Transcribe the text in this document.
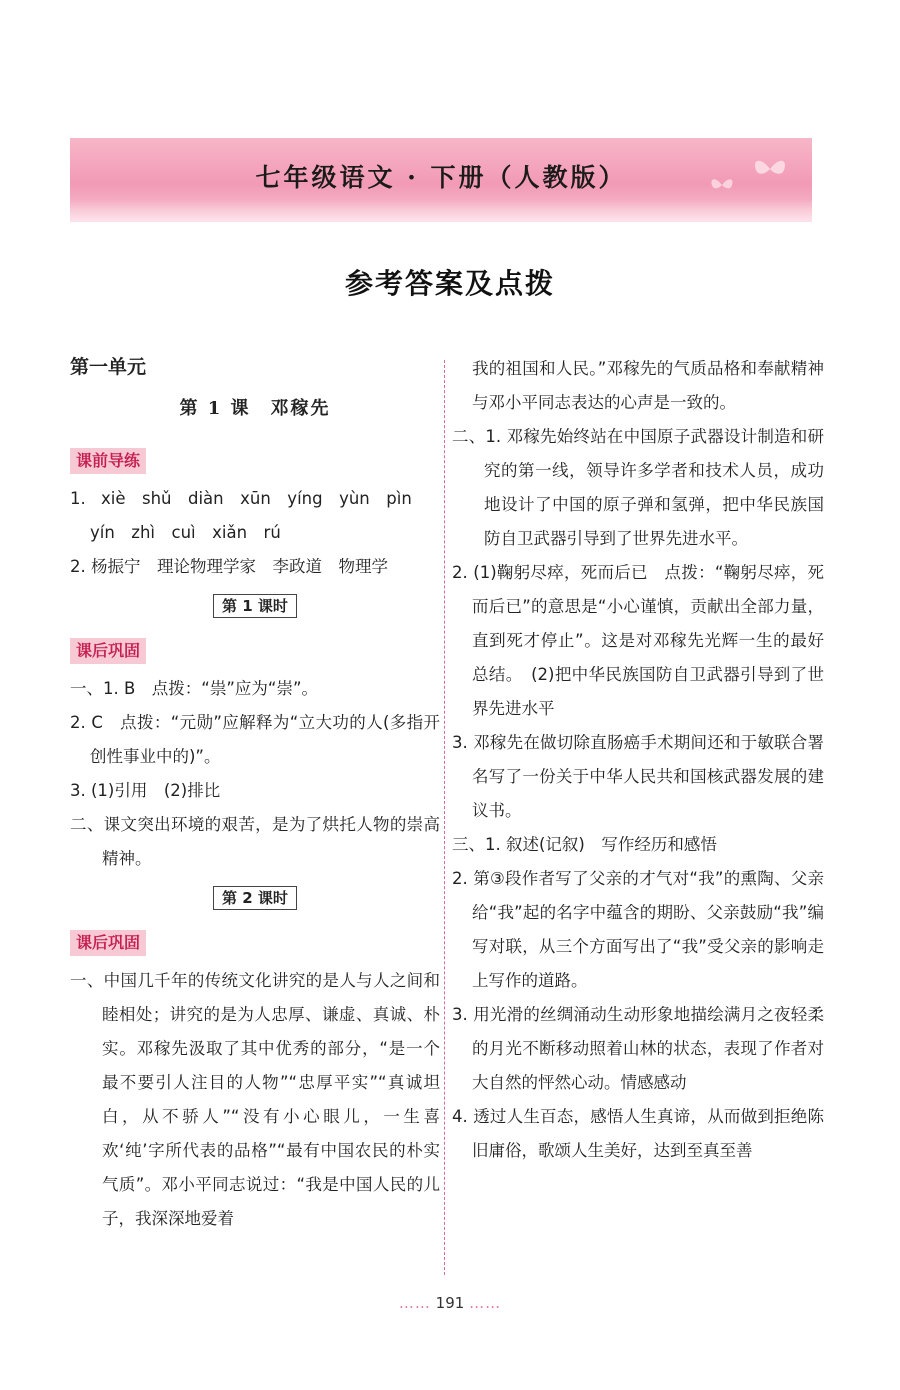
七年级语文 · 下册（人教版）
参考答案及点拨
第一单元
第 1 课　邓稼先
课前导练

1. xiè　shǔ　diàn　xūn　yíng　yùn　pìn

yín　zhì　cuì　xiǎn　rú

2. 杨振宁　理论物理学家　李政道　物理学

第 1 课时
课后巩固

一、1. B　点拨：“祟”应为“崇”。

2. C　点拨：“元勋”应解释为“立大功的人(多指开创性事业中的)”。

3. (1)引用　(2)排比

二、课文突出环境的艰苦，是为了烘托人物的崇高精神。

第 2 课时
课后巩固

一、中国几千年的传统文化讲究的是人与人之间和睦相处；讲究的是为人忠厚、谦虚、真诚、朴实。邓稼先汲取了其中优秀的部分，“是一个最不要引人注目的人物”“忠厚平实”“真诚坦白，从不骄人”“没有小心眼儿，一生喜欢‘纯’字所代表的品格”“最有中国农民的朴实气质”。邓小平同志说过：“我是中国人民的儿子，我深深地爱着

我的祖国和人民。”邓稼先的气质品格和奉献精神与邓小平同志表达的心声是一致的。

二、1. 邓稼先始终站在中国原子武器设计制造和研究的第一线，领导许多学者和技术人员，成功地设计了中国的原子弹和氢弹，把中华民族国防自卫武器引导到了世界先进水平。

2. (1)鞠躬尽瘁，死而后已　点拨：“鞠躬尽瘁，死而后已”的意思是“小心谨慎，贡献出全部力量，直到死才停止”。这是对邓稼先光辉一生的最好总结。　(2)把中华民族国防自卫武器引导到了世界先进水平

3. 邓稼先在做切除直肠癌手术期间还和于敏联合署名写了一份关于中华人民共和国核武器发展的建议书。

三、1. 叙述(记叙)　写作经历和感悟

2. 第③段作者写了父亲的才气对“我”的熏陶、父亲给“我”起的名字中蕴含的期盼、父亲鼓励“我”编写对联，从三个方面写出了“我”受父亲的影响走上写作的道路。

3. 用光滑的丝绸涌动生动形象地描绘满月之夜轻柔的月光不断移动照着山林的状态，表现了作者对大自然的怦然心动。情感感动

4. 透过人生百态，感悟人生真谛，从而做到拒绝陈旧庸俗，歌颂人生美好，达到至真至善

…… 191 ……
